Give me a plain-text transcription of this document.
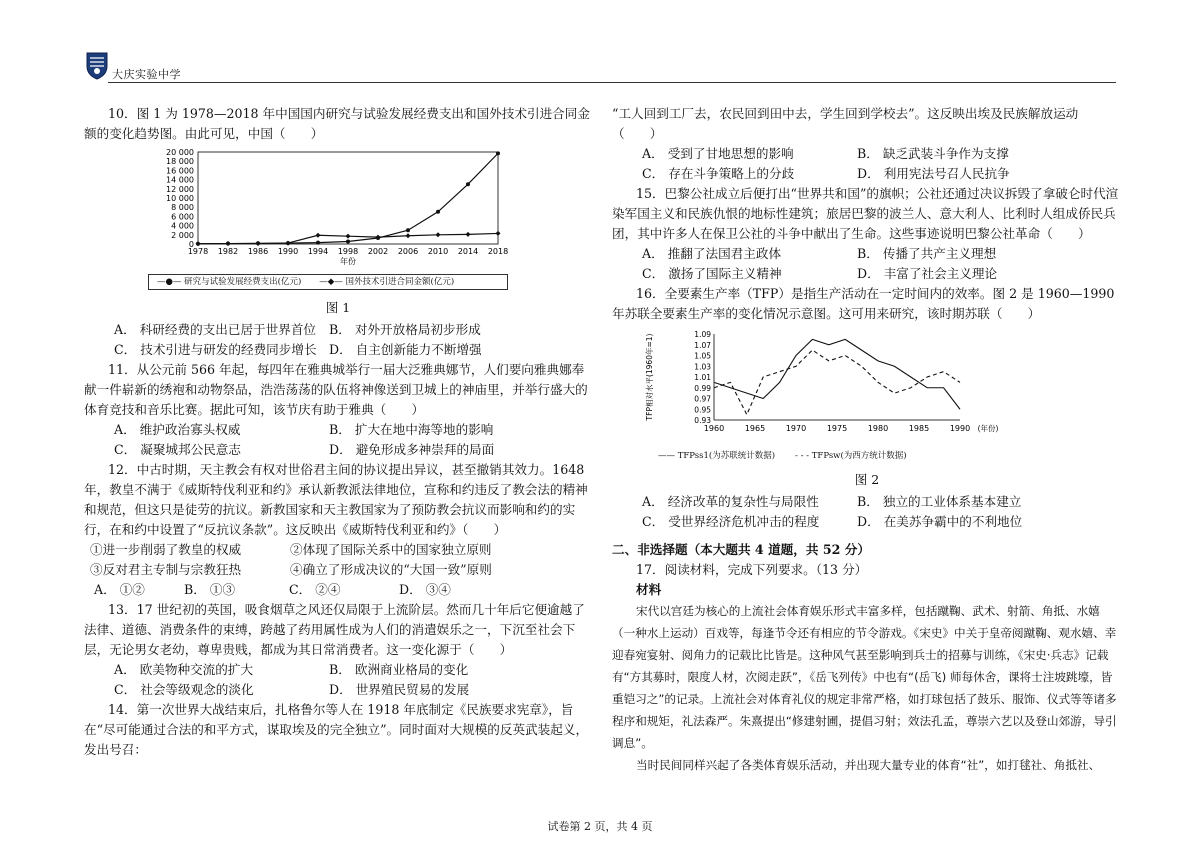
大庆实验中学

10．图 1 为 1978—2018 年中国国内研究与试验发展经费支出和国外技术引进合同金额的变化趋势图。由此可见，中国（　　）

20 000
18 000
16 000
14 000
12 000
10 000
8 000
6 000
4 000
2 000
0
1978 1982 1986 1990 1994 1998 2002 2006 2010 2014 2018
年份
—●— 研究与试验发展经费支出(亿元) —◆— 国外技术引进合同金额(亿元)

图 1

A． 科研经费的支出已居于世界首位	B． 对外开放格局初步形成
C． 技术引进与研发的经费同步增长 D． 自主创新能力不断增强

11．从公元前 566 年起，每四年在雅典城举行一届大泛雅典娜节，人们要向雅典娜奉献一件崭新的绣袍和动物祭品，浩浩荡荡的队伍将神像送到卫城上的神庙里，并举行盛大的体育竞技和音乐比赛。据此可知，该节庆有助于雅典（　　）

A． 维护政治寡头权威	B． 扩大在地中海等地的影响
C． 凝聚城邦公民意志	D． 避免形成多神崇拜的局面

12．中古时期，天主教会有权对世俗君主间的协议提出异议，甚至撤销其效力。1648 年，教皇不满于《威斯特伐利亚和约》承认新教派法律地位，宣称和约违反了教会法的精神和规范，但这只是徒劳的抗议。新教国家和天主教国家为了预防教会抗议而影响和约的实行，在和约中设置了“反抗议条款”。这反映出《威斯特伐利亚和约》（　　）

①进一步削弱了教皇的权威	②体现了国际关系中的国家独立原则
③反对君主专制与宗教狂热	④确立了形成决议的“大国一致”原则
A． ①②	B． ①③	C． ②④	D． ③④

13．17 世纪初的英国，吸食烟草之风还仅局限于上流阶层。然而几十年后它便逾越了法律、道德、消费条件的束缚，跨越了药用属性成为人们的消遣娱乐之一，下沉至社会下层，无论男女老幼，尊卑贵贱，都成为其日常消费者。这一变化源于（　　）

A． 欧美物种交流的扩大	B． 欧洲商业格局的变化
C． 社会等级观念的淡化	D． 世界殖民贸易的发展

14．第一次世界大战结束后，扎格鲁尔等人在 1918 年底制定《民族要求宪章》，旨在“尽可能通过合法的和平方式，谋取埃及的完全独立”。同时面对大规模的反英武装起义，发出号召：

“工人回到工厂去，农民回到田中去，学生回到学校去”。这反映出埃及民族解放运动（　　）

A． 受到了甘地思想的影响	B． 缺乏武装斗争作为支撑
C． 存在斗争策略上的分歧	D． 利用宪法号召人民抗争

15．巴黎公社成立后便打出“世界共和国”的旗帜；公社还通过决议拆毁了拿破仑时代渲染军国主义和民族仇恨的地标性建筑；旅居巴黎的波兰人、意大利人、比利时人组成侨民兵团，其中许多人在保卫公社的斗争中献出了生命。这些事迹说明巴黎公社革命（　　）

A． 推翻了法国君主政体	B． 传播了共产主义理想
C． 激扬了国际主义精神	D． 丰富了社会主义理论

16．全要素生产率（TFP）是指生产活动在一定时间内的效率。图 2 是 1960—1990 年苏联全要素生产率的变化情况示意图。这可用来研究，该时期苏联（　　）

1.09
1.07
1.05
1.03
1.01
0.99
0.97
0.95
0.93
1960	1965	1970	1975	1980	1985	1990 (年份)
TFP相对水平(1960年=1)
—— TFPss1(为苏联统计数据) - - - TFPsw(为西方统计数据)

图 2

A． 经济改革的复杂性与局限性	B． 独立的工业体系基本建立
C． 受世界经济危机冲击的程度	D． 在美苏争霸中的不利地位

二、非选择题（本大题共 4 道题，共 52 分）

17．阅读材料，完成下列要求。（13 分）

材料

宋代以宫廷为核心的上流社会体育娱乐形式丰富多样，包括蹴鞠、武术、射箭、角抵、水嬉（一种水上运动）百戏等，每逢节令还有相应的节令游戏。《宋史》中关于皇帝阅蹴鞠、观水嬉、幸迎春宛宴射、阅角力的记载比比皆是。这种风气甚至影响到兵士的招募与训练，《宋史·兵志》记载有“方其募时，限度人材，次阅走跃”，《岳飞列传》中也有“(岳飞) 师每休舍，课将士注坡跳壕，皆重铠习之”的记录。上流社会对体育礼仪的规定非常严格，如打球包括了鼓乐、服饰、仪式等等诸多程序和规矩，礼法森严。朱熹提出“修建射圃，提倡习射；效法孔孟，尊崇六艺以及登山郊游，导引调息”。

当时民间同样兴起了各类体育娱乐活动，并出现大量专业的体育“社”，如打毬社、角抵社、

试卷第 2 页，共 4 页
